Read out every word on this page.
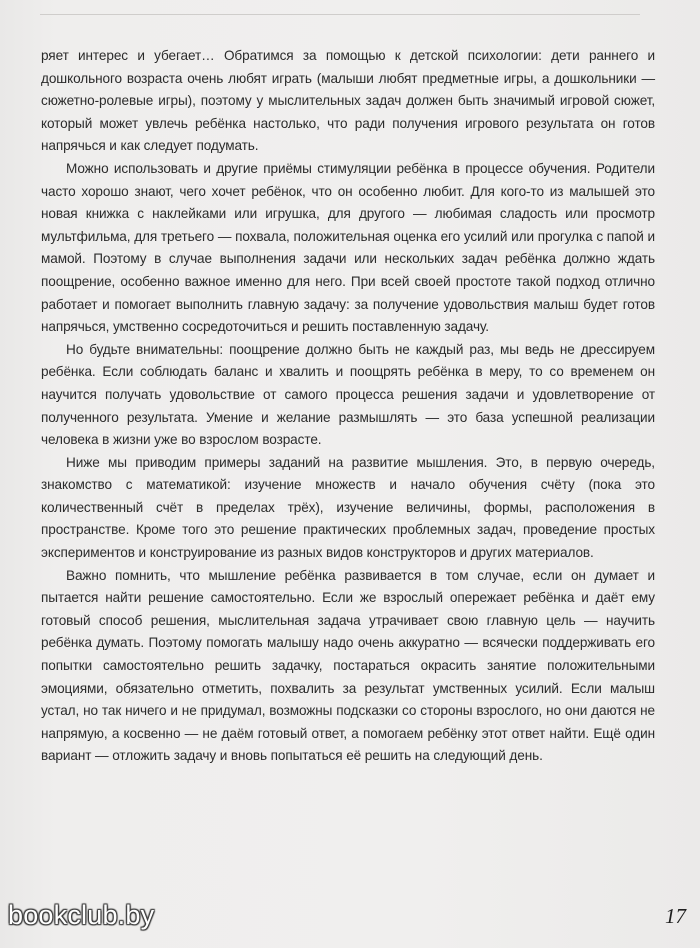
ряет интерес и убегает… Обратимся за помощью к детской психологии: дети раннего и дошкольного возраста очень любят играть (малыши любят предметные игры, а дошкольники — сюжетно-ролевые игры), поэтому у мыслительных задач должен быть значимый игровой сюжет, который может увлечь ребёнка настолько, что ради получения игрового результата он готов напрячься и как следует подумать.

Можно использовать и другие приёмы стимуляции ребёнка в процессе обучения. Родители часто хорошо знают, чего хочет ребёнок, что он особенно любит. Для кого-то из малышей это новая книжка с наклейками или игрушка, для другого — любимая сладость или просмотр мультфильма, для третьего — похвала, положительная оценка его усилий или прогулка с папой и мамой. Поэтому в случае выполнения задачи или нескольких задач ребёнка должно ждать поощрение, особенно важное именно для него. При всей своей простоте такой подход отлично работает и помогает выполнить главную задачу: за получение удовольствия малыш будет готов напрячься, умственно сосредоточиться и решить поставленную задачу.

Но будьте внимательны: поощрение должно быть не каждый раз, мы ведь не дрессируем ребёнка. Если соблюдать баланс и хвалить и поощрять ребёнка в меру, то со временем он научится получать удовольствие от самого процесса решения задачи и удовлетворение от полученного результата. Умение и желание размышлять — это база успешной реализации человека в жизни уже во взрослом возрасте.

Ниже мы приводим примеры заданий на развитие мышления. Это, в первую очередь, знакомство с математикой: изучение множеств и начало обучения счёту (пока это количественный счёт в пределах трёх), изучение величины, формы, расположения в пространстве. Кроме того это решение практических проблемных задач, проведение простых экспериментов и конструирование из разных видов конструкторов и других материалов.

Важно помнить, что мышление ребёнка развивается в том случае, если он думает и пытается найти решение самостоятельно. Если же взрослый опережает ребёнка и даёт ему готовый способ решения, мыслительная задача утрачивает свою главную цель — научить ребёнка думать. Поэтому помогать малышу надо очень аккуратно — всячески поддерживать его попытки самостоятельно решить задачку, постараться окрасить занятие положительными эмоциями, обязательно отметить, похвалить за результат умственных усилий. Если малыш устал, но так ничего и не придумал, возможны подсказки со стороны взрослого, но они даются не напрямую, а косвенно — не даём готовый ответ, а помогаем ребёнку этот ответ найти. Ещё один вариант — отложить задачу и вновь попытаться её решить на следующий день.

17
bookclub.by
